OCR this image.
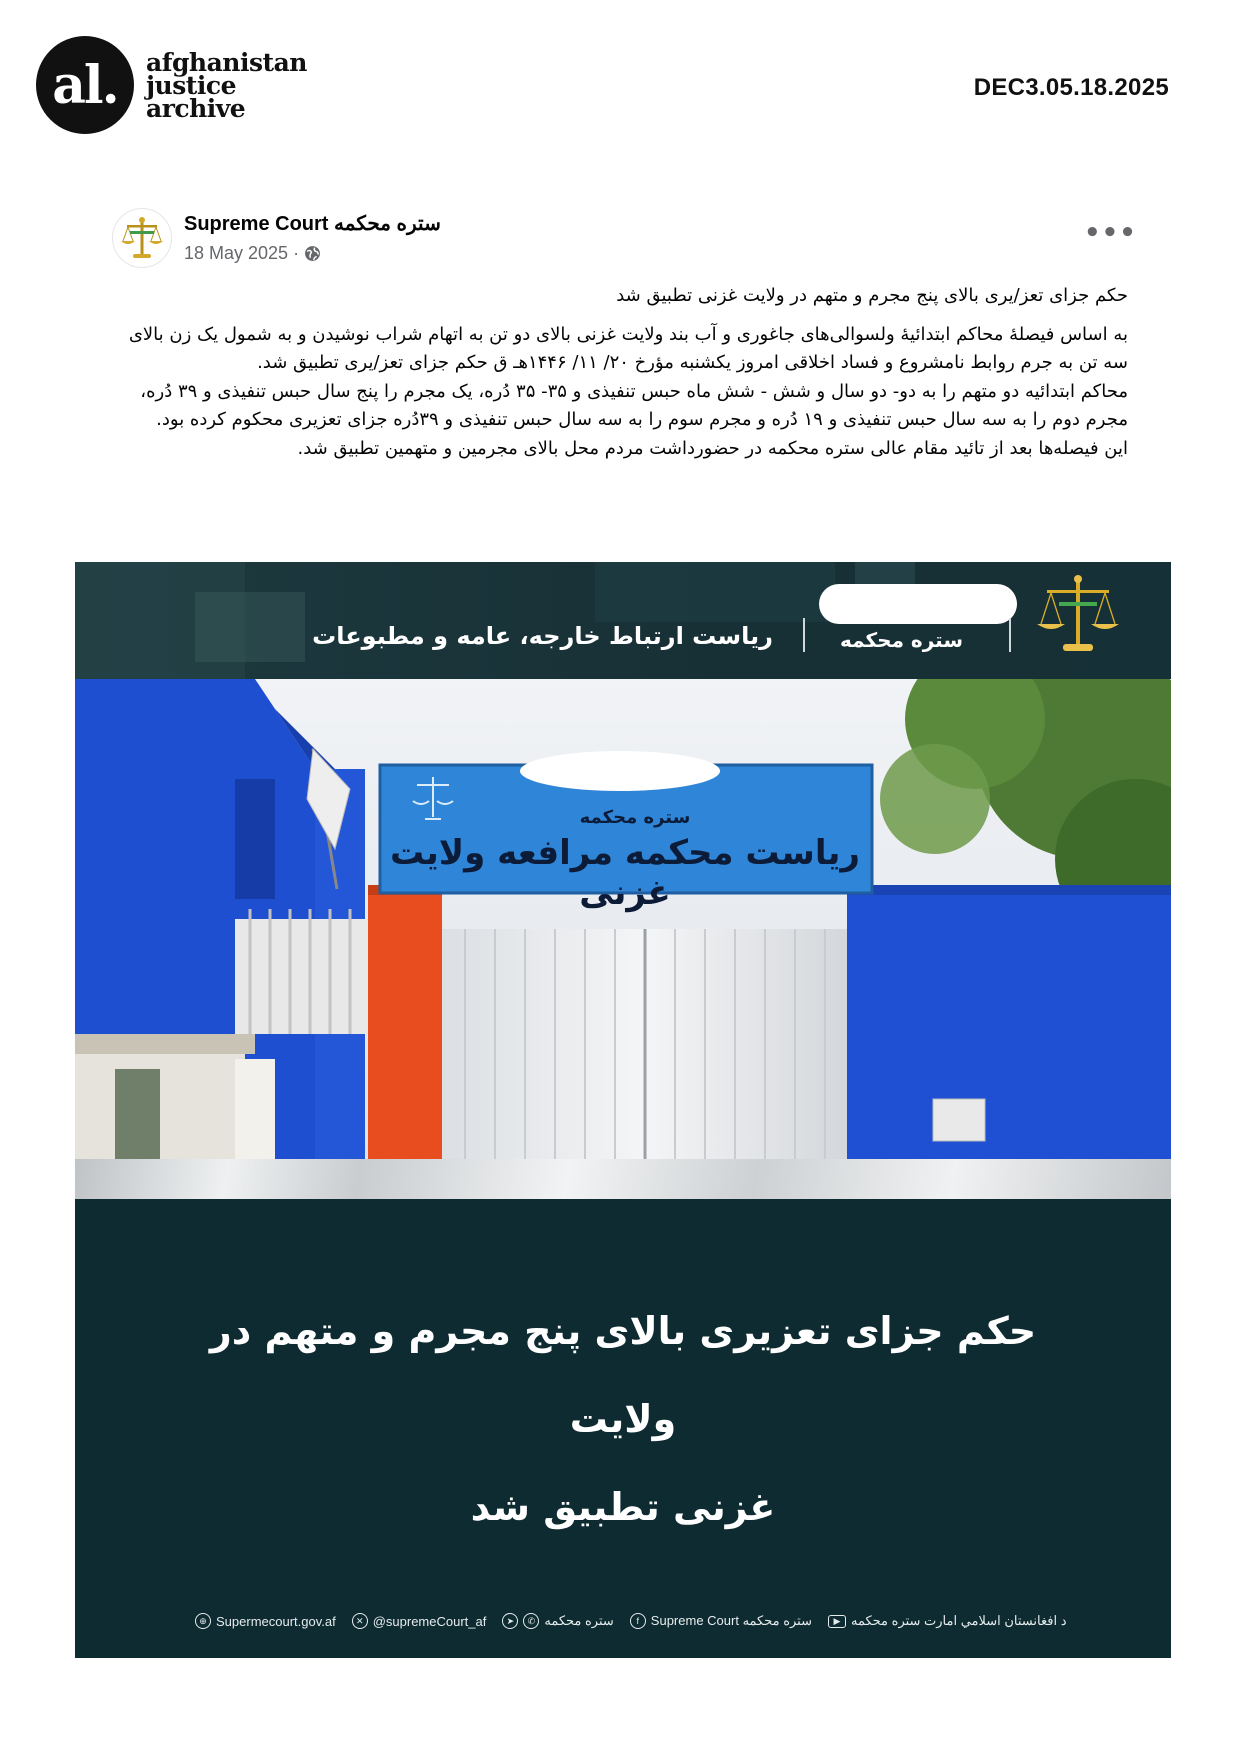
al.	afghanistan
justice
archive
DEC3.05.18.2025
Supreme Court ستره محکمه
18 May 2025 ·
•••

حکم جزای تعز/یری بالای پنج مجرم و متهم در ولایت غزنی تطبیق شد

به اساس فیصلهٔ محاکم ابتدائیهٔ ولسوالی‌های جاغوری و آب بند ولایت غزنی بالای دو تن به اتهام شراب نوشیدن و به شمول یک زن بالای سه تن به جرم روابط نامشروع و فساد اخلاقی امروز یکشنبه مؤرخ ۲۰/ ۱۱/ ۱۴۴۶هـ ق حکم جزای تعز/یری تطبیق شد.

محاکم ابتدائیه دو متهم را به دو- دو سال و شش - شش ماه حبس تنفیذی و ۳۵- ۳۵ دُره، یک مجرم را پنج سال حبس تنفیذی و ۳۹ دُره، مجرم دوم را به سه سال حبس تنفیذی و ۱۹ دُره و مجرم سوم را به سه سال حبس تنفیذی و ۳۹دُره جزای تعزیری محکوم کرده بود.

این فیصله‌ها بعد از تائید مقام عالی ستره محکمه در حضورداشت مردم محل بالای مجرمین و متهمین تطبیق شد.

ریاست ارتباط خارجه، عامه و مطبوعات	ستره محکمه
ستره محکمه
ریاست محکمه مرافعه ولایت غزنی
حکم جزای تعزیری بالای پنج مجرم و متهم در ولایت
غزنی تطبیق شد
⊕ Supermecourt.gov.af	✕ @supremeCourt_af	➤	✆ ستره محکمه	f Supreme Court ستره محکمه	▶ د افغانستان اسلامي امارت ستره محکمه
